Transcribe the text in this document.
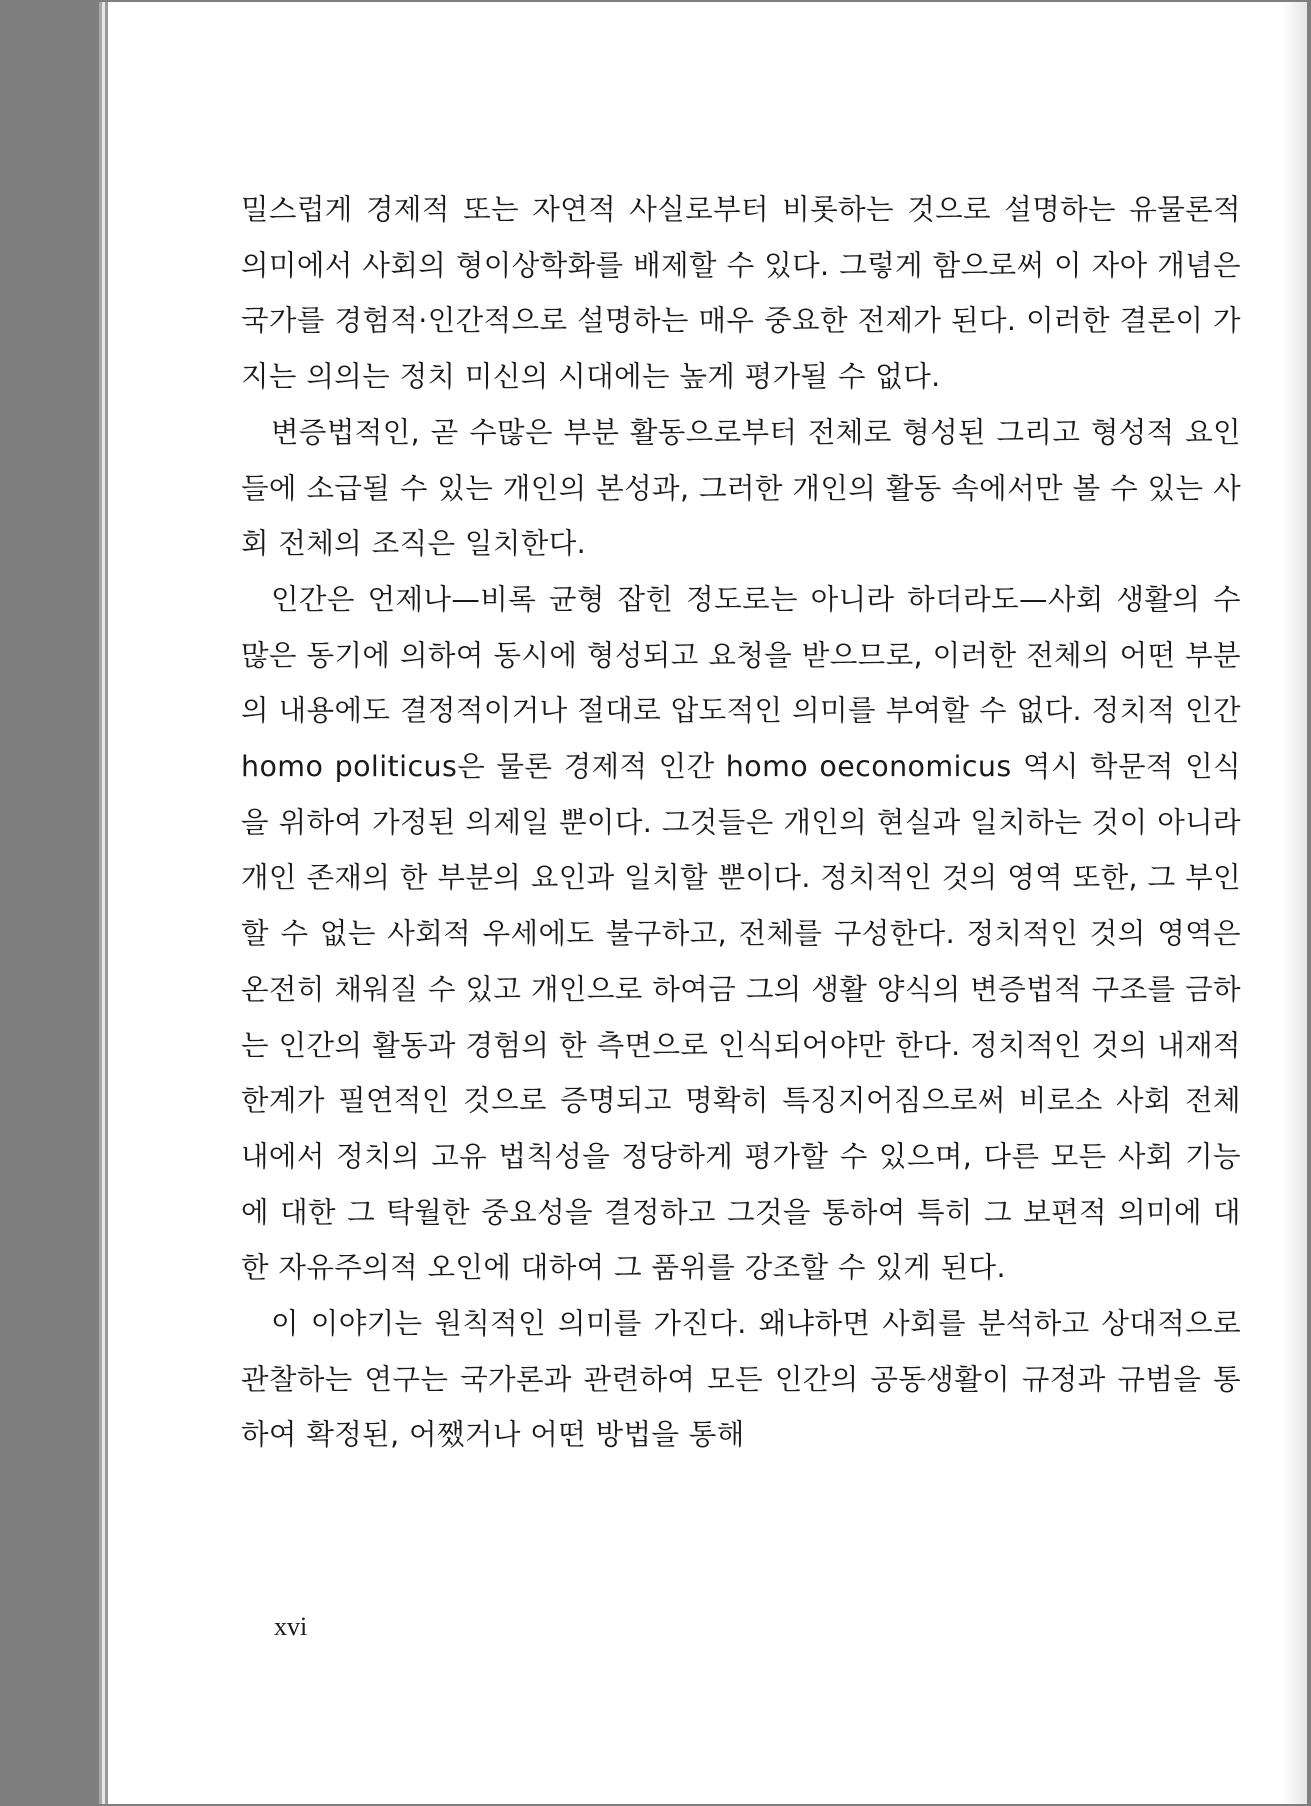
밀스럽게 경제적 또는 자연적 사실로부터 비롯하는 것으로 설명하는 유물론적 의미에서 사회의 형이상학화를 배제할 수 있다. 그렇게 함으로써 이 자아 개념은 국가를 경험적·인간적으로 설명하는 매우 중요한 전제가 된다. 이러한 결론이 가지는 의의는 정치 미신의 시대에는 높게 평가될 수 없다.

변증법적인, 곧 수많은 부분 활동으로부터 전체로 형성된 그리고 형성적 요인들에 소급될 수 있는 개인의 본성과, 그러한 개인의 활동 속에서만 볼 수 있는 사회 전체의 조직은 일치한다.

인간은 언제나—비록 균형 잡힌 정도로는 아니라 하더라도—사회 생활의 수많은 동기에 의하여 동시에 형성되고 요청을 받으므로, 이러한 전체의 어떤 부분의 내용에도 결정적이거나 절대로 압도적인 의미를 부여할 수 없다. 정치적 인간 homo politicus은 물론 경제적 인간 homo oeconomicus 역시 학문적 인식을 위하여 가정된 의제일 뿐이다. 그것들은 개인의 현실과 일치하는 것이 아니라 개인 존재의 한 부분의 요인과 일치할 뿐이다. 정치적인 것의 영역 또한, 그 부인할 수 없는 사회적 우세에도 불구하고, 전체를 구성한다. 정치적인 것의 영역은 온전히 채워질 수 있고 개인으로 하여금 그의 생활 양식의 변증법적 구조를 금하는 인간의 활동과 경험의 한 측면으로 인식되어야만 한다. 정치적인 것의 내재적 한계가 필연적인 것으로 증명되고 명확히 특징지어짐으로써 비로소 사회 전체 내에서 정치의 고유 법칙성을 정당하게 평가할 수 있으며, 다른 모든 사회 기능에 대한 그 탁월한 중요성을 결정하고 그것을 통하여 특히 그 보편적 의미에 대한 자유주의적 오인에 대하여 그 품위를 강조할 수 있게 된다.

이 이야기는 원칙적인 의미를 가진다. 왜냐하면 사회를 분석하고 상대적으로 관찰하는 연구는 국가론과 관련하여 모든 인간의 공동생활이 규정과 규범을 통하여 확정된, 어쨌거나 어떤 방법을 통해

xvi
